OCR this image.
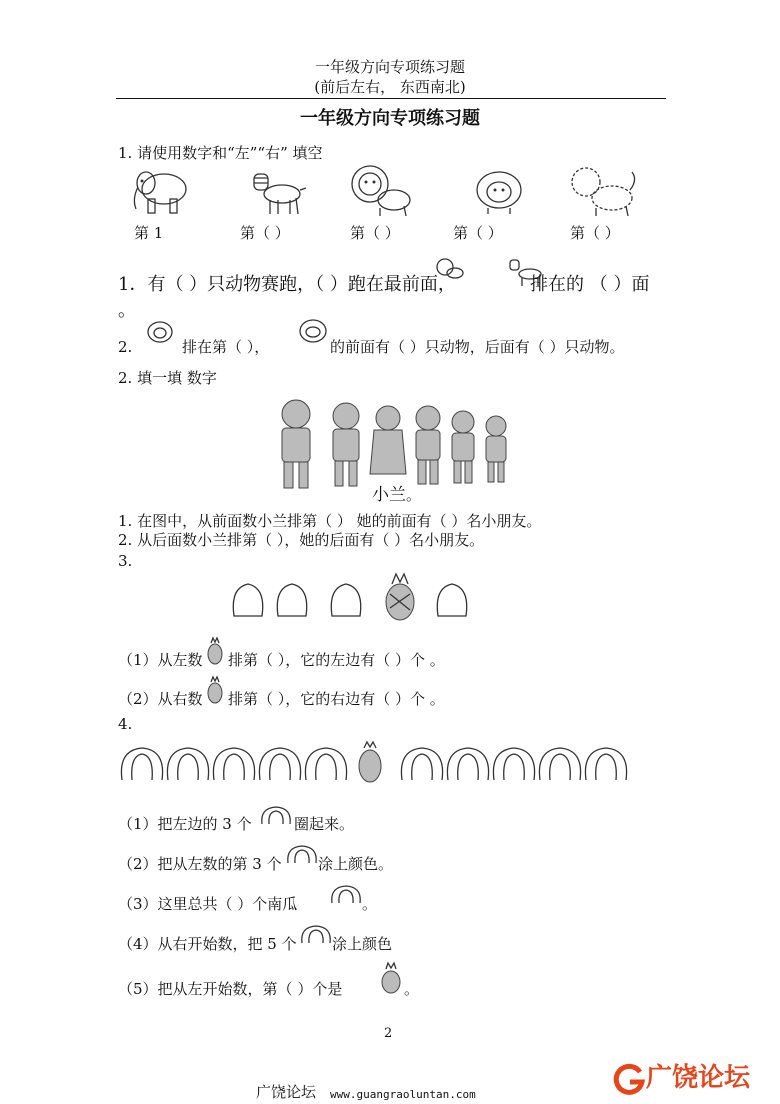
一年级方向专项练习题
(前后左右， 东西南北)
一年级方向专项练习题
1. 请使用数字和“左”“右” 填空
第 1	第（ ）	第（ ）	第（ ）	第（ ）
1．有（ ）只动物赛跑，（ ）跑在最前面，	排在的 （ ）面
。
2.	排在第（ ），	的前面有（ ）只动物，后面有（ ）只动物。
2. 填一填 数字
小兰 。
1. 在图中，从前面数小兰排第（ ） 她的前面有（ ）名小朋友。
2. 从后面数小兰排第（ ），她的后面有（ ）名小朋友。
3.
（1）从左数 排第（ ），它的左边有（ ）个 。
（2）从右数 排第（ ），它的右边有（ ）个 。
4.
（1）把左边的 3 个	圈起来。
（2）把从左数的第 3 个 涂上颜色。
（3）这里总共（ ）个南瓜	。
（4）从右开始数，把 5 个 涂上颜色
（5）把从左开始数，第（ ）个是	。
2
广饶论坛 www.guangraoluntan.com
广饶论坛
